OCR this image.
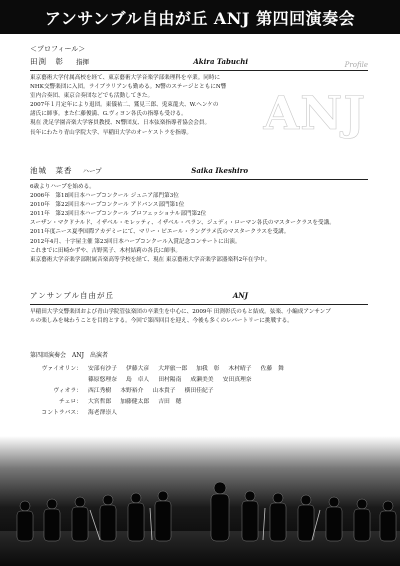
アンサンブル自由が丘 ANJ 第四回演奏会
＜プロフィール＞
Profile
ANJ
田渕　彰	指揮	Akira Tabuchi
東京藝術大学付属高校を経て、東京藝術大学音楽学部楽理科を卒業。同時に
NHK交響楽団に入団。ライブラリアンも勤める。N響のステージとともにN響
室内合奏団、東京合奏団などでも活動してきた。
2007年１月定年により退団。東儀祐二、鷲見三郎、兎束龍夫、W.ヘンケの
諸氏に師事。また仁藤俊満、G.ヴィヨン各氏の指導も受ける。
現在 洗足学園音楽大学客員教授、N響団友、日本弦楽指導者協会会員。
長年にわたり青山学院大学、早稲田大学のオーケストラを指導。
池城　菜香 ハープ	Saika Ikeshiro
6歳よりハープを始める。
2006年　第18回日本ハープコンクール ジュニア部門第3位
2010年　第22回日本ハープコンクール アドバンス部門第1位
2011年　第23回日本ハープコンクール プロフェッショナル部門第2位
スーザン・マクドナルド、イザベル・モレッティ、イザベル・ペラン、ジュディ・ローマン各氏のマスタークラスを受講。
2011年度ニース夏季国際アカデミーにて、マリー・ピエール・ラングラメ氏のマスタークラスを受講。
2012年4月、十字屋主催 第23回日本ハープコンクール入賞記念コンサートに出演。
これまでに田崎かずや、吉野篤子、木村結莉の各氏に師事。
東京藝術大学音楽学部附属音楽高等学校を経て、現在 東京藝術大学音楽学部器楽科2年在学中。
アンサンブル自由が丘	ANJ
早稲田大学交響楽団および青山学院管弦楽団の卒業生を中心に、2009年 田渕彰氏のもと結成。弦楽、小編成アンサンブ
ルの楽しみを味わうことを目的とする。今回で第四回目を迎え、今後も多くのレパートリーに挑戦する。
第四回演奏会　ANJ　出演者
ヴァイオリン： 安部有沙子 伊藤大彦 大坪旅一郎 加我　彰 木村晴子 佐藤　舞
篠原悠理奈 島　卓人 田村陽南 成瀬美美 安田真理奈
ヴィオラ： 西江秀樹 本野裕介 山本貴子 横田佳紀子
チェロ： 大宮哲郎 加藤健太郎 吉田　穂
コントラバス： 海老澤崇人
